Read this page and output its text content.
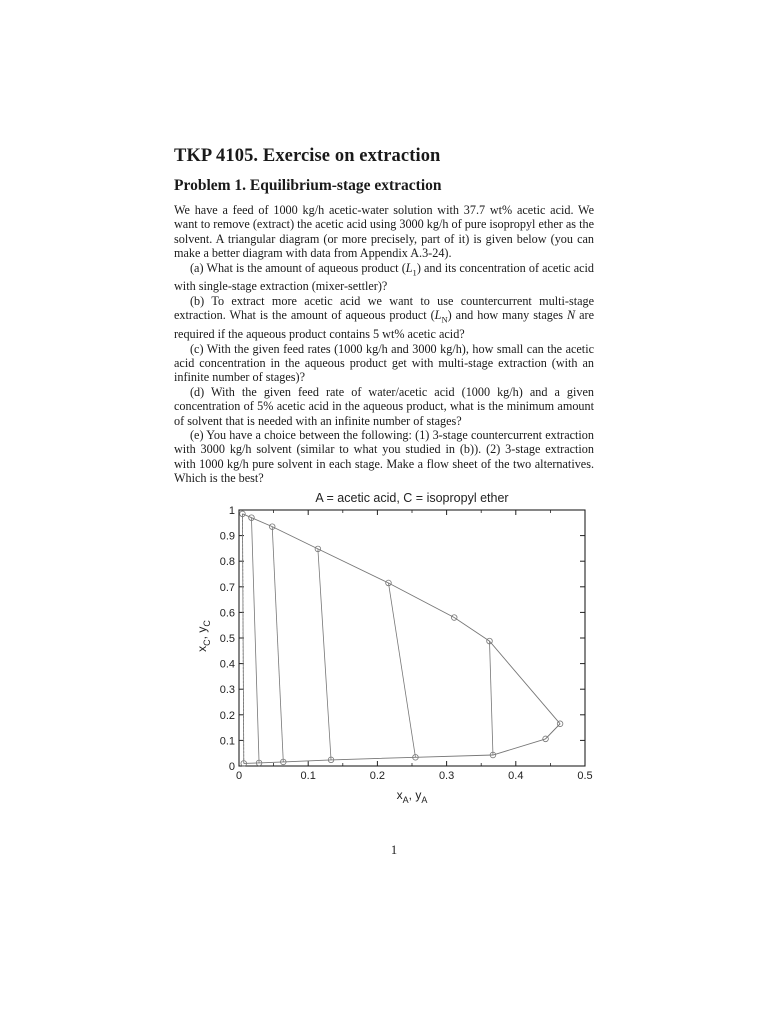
TKP 4105. Exercise on extraction
Problem 1. Equilibrium-stage extraction

We have a feed of 1000 kg/h acetic-water solution with 37.7 wt% acetic acid. We want to remove (extract) the acetic acid using 3000 kg/h of pure isopropyl ether as the solvent. A triangular diagram (or more precisely, part of it) is given below (you can make a better diagram with data from Appendix A.3-24).

(a) What is the amount of aqueous product $(L_1)$ and its concentration of acetic acid with single-stage extraction (mixer-settler)?

(b) To extract more acetic acid we want to use countercurrent multi-stage extraction. What is the amount of aqueous product $(L_N)$ and how many stages N are required if the aqueous product contains 5 wt% acetic acid?

(c) With the given feed rates (1000 kg/h and 3000 kg/h), how small can the acetic acid concentration in the aqueous product get with multi-stage extraction (with an infinite number of stages)?

(d) With the given feed rate of water/acetic acid (1000 kg/h) and a given concentration of 5% acetic acid in the aqueous product, what is the minimum amount of solvent that is needed with an infinite number of stages?

(e) You have a choice between the following: (1) 3-stage countercurrent extraction with 3000 kg/h solvent (similar to what you studied in (b)). (2) 3-stage extraction with 1000 kg/h pure solvent in each stage. Make a flow sheet of the two alternatives. Which is the best?

A = acetic acid, C = isopropyl ether
0	0.1	0.2	0.3	0.4	0.5
0
0.1
0.2
0.3
0.4
0.5
0.6
0.7
0.8
0.9
1
$x_A$, $y_A$
$x_C$, $y_C$
1
